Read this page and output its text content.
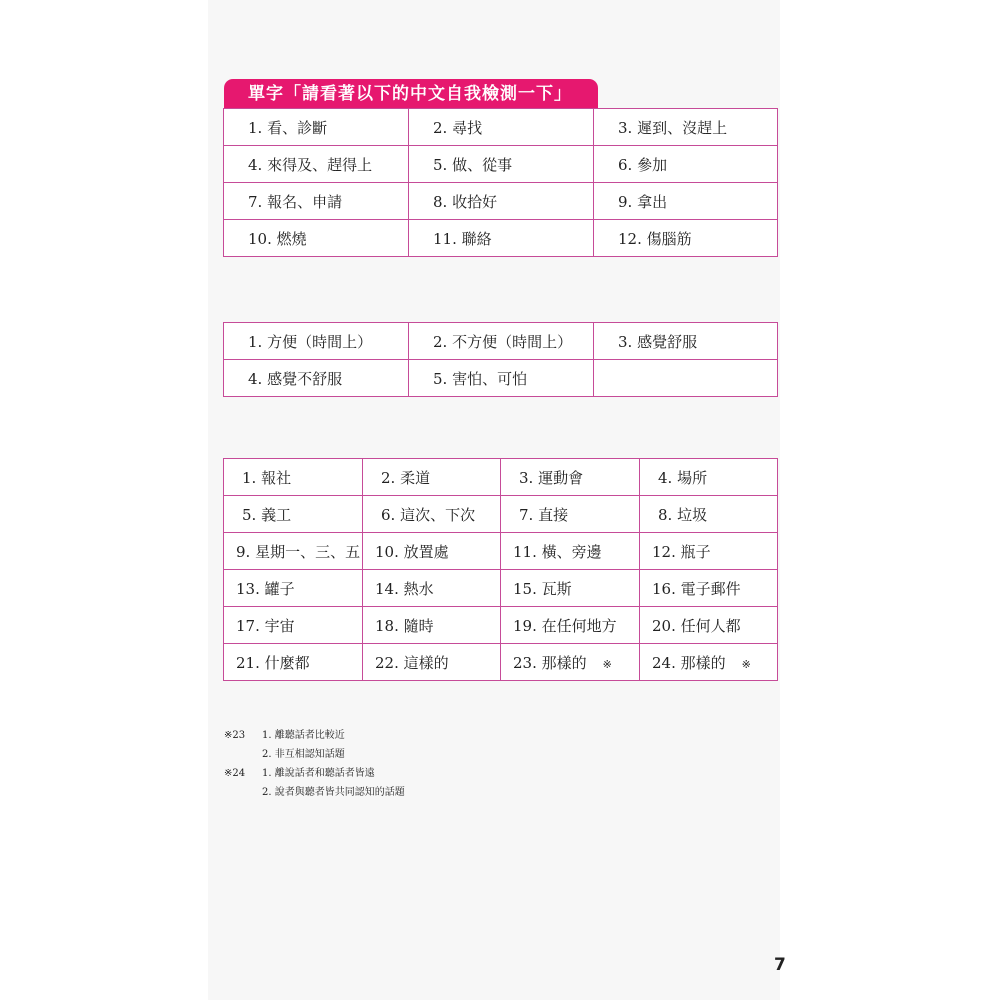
單字「請看著以下的中文自我檢測一下」
1. 看、診斷	2. 尋找	3. 遲到、沒趕上
4. 來得及、趕得上	5. 做、從事	6. 參加
7. 報名、申請	8. 收拾好	9. 拿出
10. 燃燒	11. 聯絡	12. 傷腦筋
1. 方便（時間上）	2. 不方便（時間上）	3. 感覺舒服
4. 感覺不舒服	5. 害怕、可怕	
1. 報社	2. 柔道	3. 運動會	4. 場所
5. 義工	6. 這次、下次	7. 直接	8. 垃圾
9. 星期一、三、五	10. 放置處	11. 橫、旁邊	12. 瓶子
13. 罐子	14. 熱水	15. 瓦斯	16. 電子郵件
17. 宇宙	18. 隨時	19. 在任何地方	20. 任何人都
21. 什麼都	22. 這樣的	23. 那樣的 ※	24. 那樣的 ※
※23	1. 離聽話者比較近
2. 非互相認知話題
※24	1. 離說話者和聽話者皆遠
2. 說者與聽者皆共同認知的話題
7
